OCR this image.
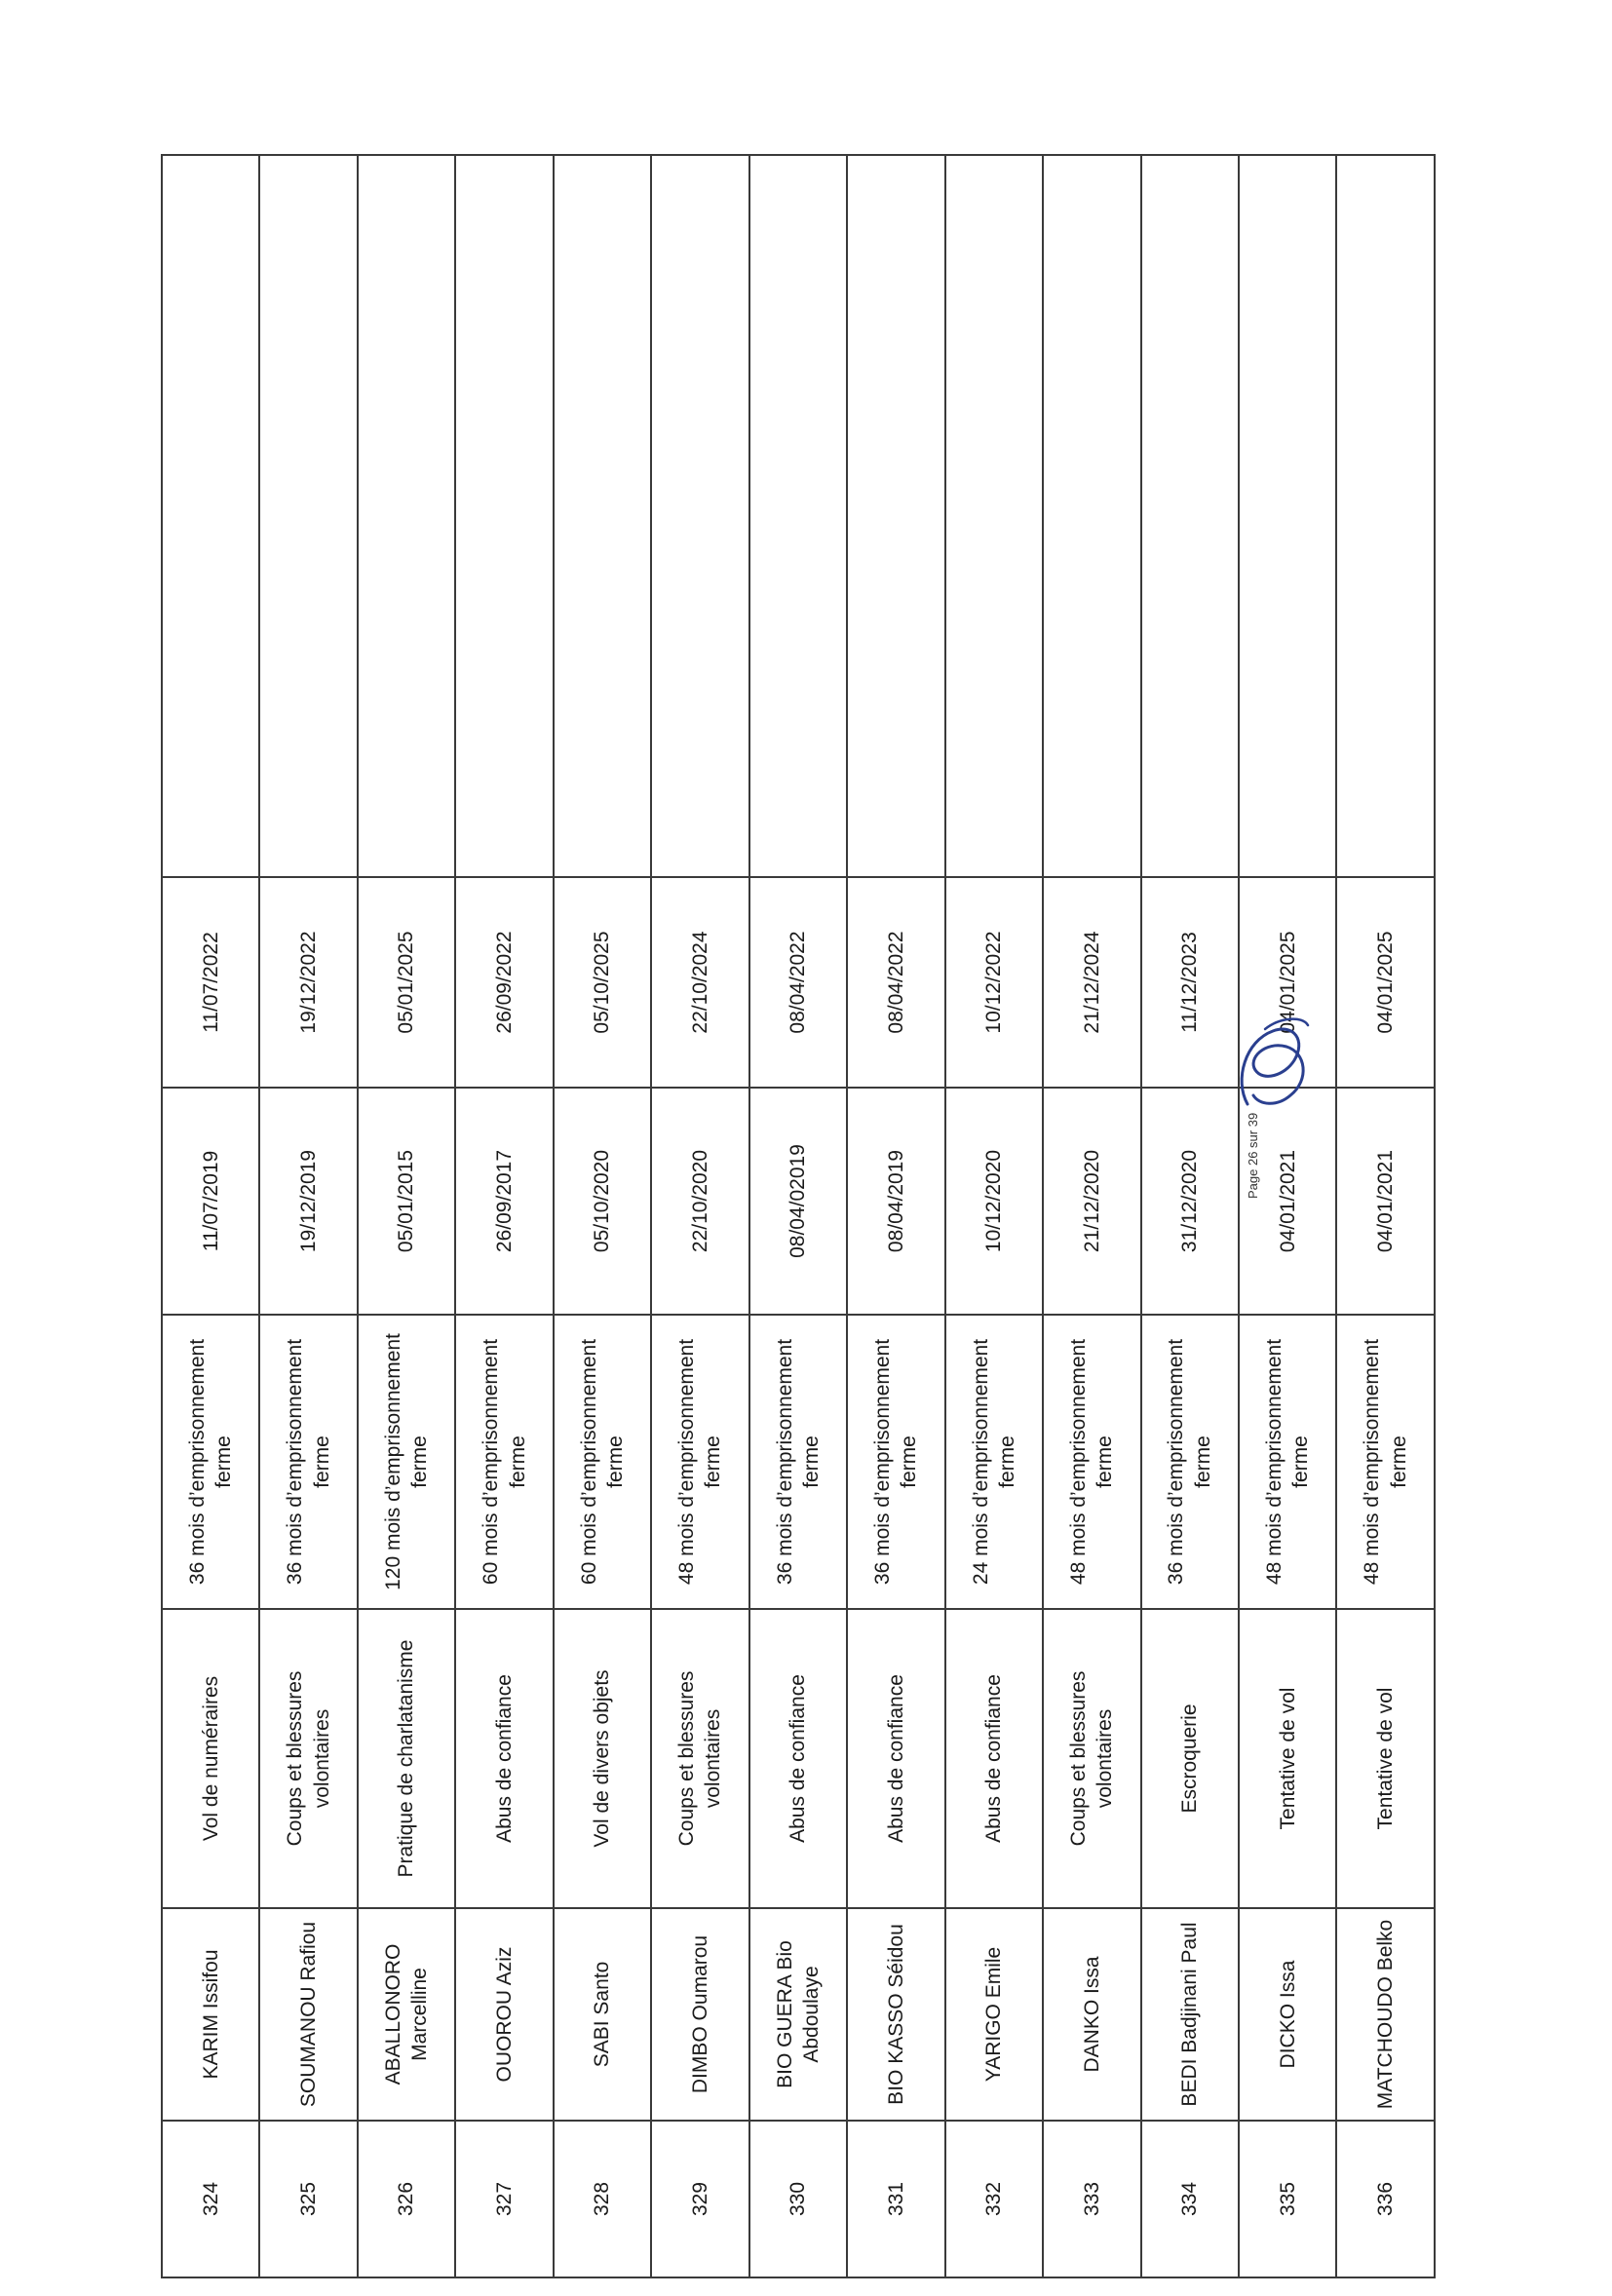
324	KARIM Issifou	Vol de numéraires	36 mois d’emprisonnement ferme	11/07/2019	11/07/2022	
325	SOUMANOU Rafiou	Coups et blessures volontaires	36 mois d’emprisonnement ferme	19/12/2019	19/12/2022	
326	ABALLONORO Marcelline	Pratique de charlatanisme	120 mois d’emprisonnement ferme	05/01/2015	05/01/2025	
327	OUOROU Aziz	Abus de confiance	60 mois d’emprisonnement ferme	26/09/2017	26/09/2022	
328	SABI Santo	Vol de divers objets	60 mois d’emprisonnement ferme	05/10/2020	05/10/2025	
329	DIMBO Oumarou	Coups et blessures volontaires	48 mois d’emprisonnement ferme	22/10/2020	22/10/2024	
330	BIO GUERA Bio Abdoulaye	Abus de confiance	36 mois d’emprisonnement ferme	08/04/02019	08/04/2022	
331	BIO KASSO Séidou	Abus de confiance	36 mois d’emprisonnement ferme	08/04/2019	08/04/2022	
332	YARIGO Emile	Abus de confiance	24 mois d’emprisonnement ferme	10/12/2020	10/12/2022	
333	DANKO Issa	Coups et blessures volontaires	48 mois d’emprisonnement ferme	21/12/2020	21/12/2024	
334	BEDI Badjinani Paul	Escroquerie	36 mois d’emprisonnement ferme	31/12/2020	11/12/2023	
335	DICKO Issa	Tentative de vol	48 mois d’emprisonnement ferme	04/01/2021	04/01/2025	
336	MATCHOUDO Belko	Tentative de vol	48 mois d’emprisonnement ferme	04/01/2021	04/01/2025	
Page 26 sur 39
